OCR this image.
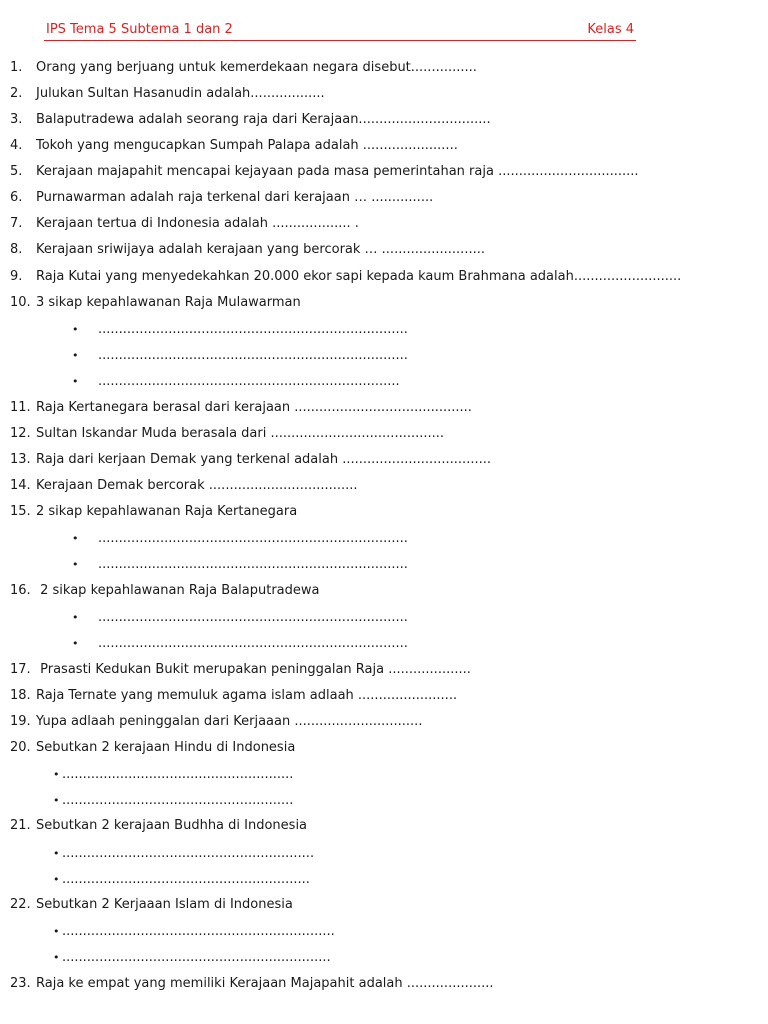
IPS Tema 5 Subtema 1 dan 2	Kelas 4
1. Orang yang berjuang untuk kemerdekaan negara disebut................
2. Julukan Sultan Hasanudin adalah..................
3. Balaputradewa adalah seorang raja dari Kerajaan................................
4. Tokoh yang mengucapkan Sumpah Palapa adalah .......................
5. Kerajaan majapahit mencapai kejayaan pada masa pemerintahan raja ..................................
6. Purnawarman adalah raja terkenal dari kerajaan … ...............
7. Kerajaan tertua di Indonesia adalah ................... .
8. Kerajaan sriwijaya adalah kerajaan yang bercorak … .........................
9. Raja Kutai yang menyedekahkan 20.000 ekor sapi kepada kaum Brahmana adalah..........................
10. 3 sikap kepahlawanan Raja Mulawarman
• ...........................................................................
• ...........................................................................
• .........................................................................
11. Raja Kertanegara berasal dari kerajaan ...........................................
12. Sultan Iskandar Muda berasala dari ..........................................
13. Raja dari kerjaan Demak yang terkenal adalah ....................................
14. Kerajaan Demak bercorak ....................................
15. 2 sikap kepahlawanan Raja Kertanegara
• ...........................................................................
• ...........................................................................
16. 2 sikap kepahlawanan Raja Balaputradewa
• ...........................................................................
• ...........................................................................
17. Prasasti Kedukan Bukit merupakan peninggalan Raja ....................
18. Raja Ternate yang memuluk agama islam adlaah ........................
19. Yupa adlaah peninggalan dari Kerjaaan ...............................
20. Sebutkan 2 kerajaan Hindu di Indonesia
• ........................................................
• ........................................................
21. Sebutkan 2 kerajaan Budhha di Indonesia
• .............................................................
• ............................................................
22. Sebutkan 2 Kerjaaan Islam di Indonesia
• ..................................................................
• .................................................................
23. Raja ke empat yang memiliki Kerajaan Majapahit adalah .....................
